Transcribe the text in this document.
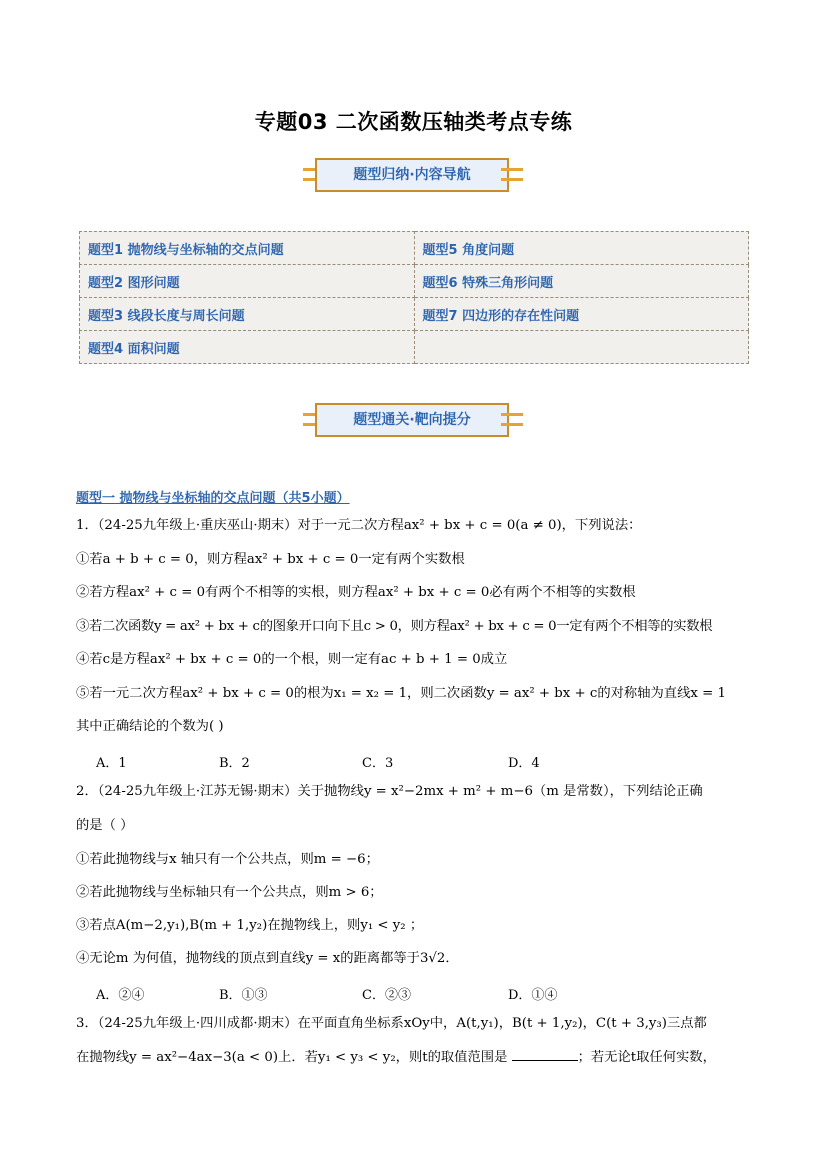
专题03 二次函数压轴类考点专练
题型归纳·内容导航
题型1 抛物线与坐标轴的交点问题	题型5 角度问题
题型2 图形问题	题型6 特殊三角形问题
题型3 线段长度与周长问题	题型7 四边形的存在性问题
题型4 面积问题	
题型通关·靶向提分
题型一 抛物线与坐标轴的交点问题（共5小题）
1．（24-25九年级上·重庆巫山·期末）对于一元二次方程ax² + bx + c = 0(a ≠ 0)，下列说法：
①若a + b + c = 0，则方程ax² + bx + c = 0一定有两个实数根
②若方程ax² + c = 0有两个不相等的实根，则方程ax² + bx + c = 0必有两个不相等的实数根
③若二次函数y = ax² + bx + c的图象开口向下且c > 0，则方程ax² + bx + c = 0一定有两个不相等的实数根
④若c是方程ax² + bx + c = 0的一个根，则一定有ac + b + 1 = 0成立
⑤若一元二次方程ax² + bx + c = 0的根为x₁ = x₂ = 1，则二次函数y = ax² + bx + c的对称轴为直线x = 1
其中正确结论的个数为( )
A．1	B．2	C．3	D．4
2．（24-25九年级上·江苏无锡·期末）关于抛物线y = x²−2mx + m² + m−6（m 是常数），下列结论正确
的是（ ）
①若此抛物线与x 轴只有一个公共点，则m = −6；
②若此抛物线与坐标轴只有一个公共点，则m > 6；
③若点A(m−2,y₁),B(m + 1,y₂)在抛物线上，则y₁ < y₂ ；
④无论m 为何值，抛物线的顶点到直线y = x的距离都等于3√2．
A．②④	B．①③	C．②③	D．①④
3．（24-25九年级上·四川成都·期末）在平面直角坐标系xOy中，A(t,y₁)，B(t + 1,y₂)，C(t + 3,y₃)三点都
在抛物线y = ax²−4ax−3(a < 0)上．若y₁ < y₃ < y₂，则t的取值范围是	；若无论t取任何实数，
